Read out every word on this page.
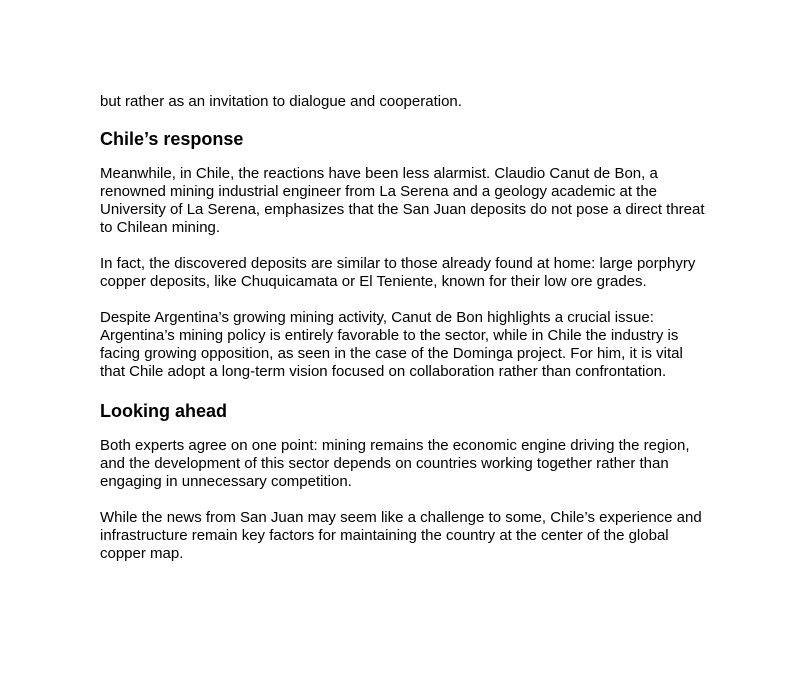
but rather as an invitation to dialogue and cooperation.

Chile’s response

Meanwhile, in Chile, the reactions have been less alarmist. Claudio Canut de Bon, a renowned mining industrial engineer from La Serena and a geology academic at the University of La Serena, emphasizes that the San Juan deposits do not pose a direct threat to Chilean mining.

In fact, the discovered deposits are similar to those already found at home: large porphyry copper deposits, like Chuquicamata or El Teniente, known for their low ore grades.

Despite Argentina’s growing mining activity, Canut de Bon highlights a crucial issue: Argentina’s mining policy is entirely favorable to the sector, while in Chile the industry is facing growing opposition, as seen in the case of the Dominga project. For him, it is vital that Chile adopt a long-term vision focused on collaboration rather than confrontation.

Looking ahead

Both experts agree on one point: mining remains the economic engine driving the region, and the development of this sector depends on countries working together rather than engaging in unnecessary competition.

While the news from San Juan may seem like a challenge to some, Chile’s experience and infrastructure remain key factors for maintaining the country at the center of the global copper map.
